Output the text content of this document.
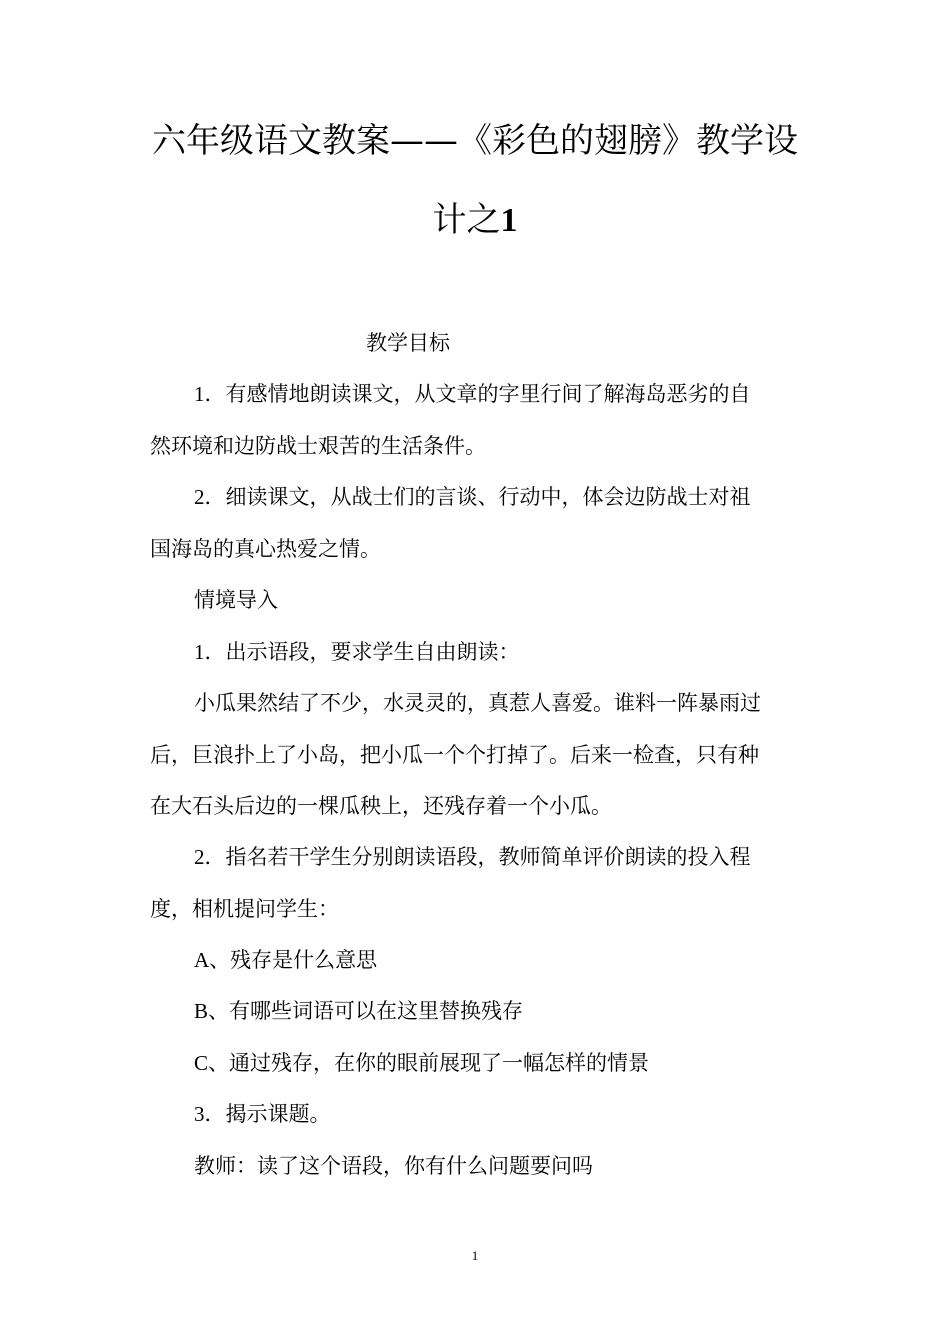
六年级语文教案——《彩色的翅膀》教学设
计之1

教学目标

1．有感情地朗读课文，从文章的字里行间了解海岛恶劣的自

然环境和边防战士艰苦的生活条件。

2．细读课文，从战士们的言谈、行动中，体会边防战士对祖

国海岛的真心热爱之情。

情境导入

1．出示语段，要求学生自由朗读：

小瓜果然结了不少，水灵灵的，真惹人喜爱。谁料一阵暴雨过

后，巨浪扑上了小岛，把小瓜一个个打掉了。后来一检查，只有种

在大石头后边的一棵瓜秧上，还残存着一个小瓜。

2．指名若干学生分别朗读语段，教师简单评价朗读的投入程

度，相机提问学生：

A、残存是什么意思

B、有哪些词语可以在这里替换残存

C、通过残存，在你的眼前展现了一幅怎样的情景

3．揭示课题。

教师：读了这个语段，你有什么问题要问吗

1
